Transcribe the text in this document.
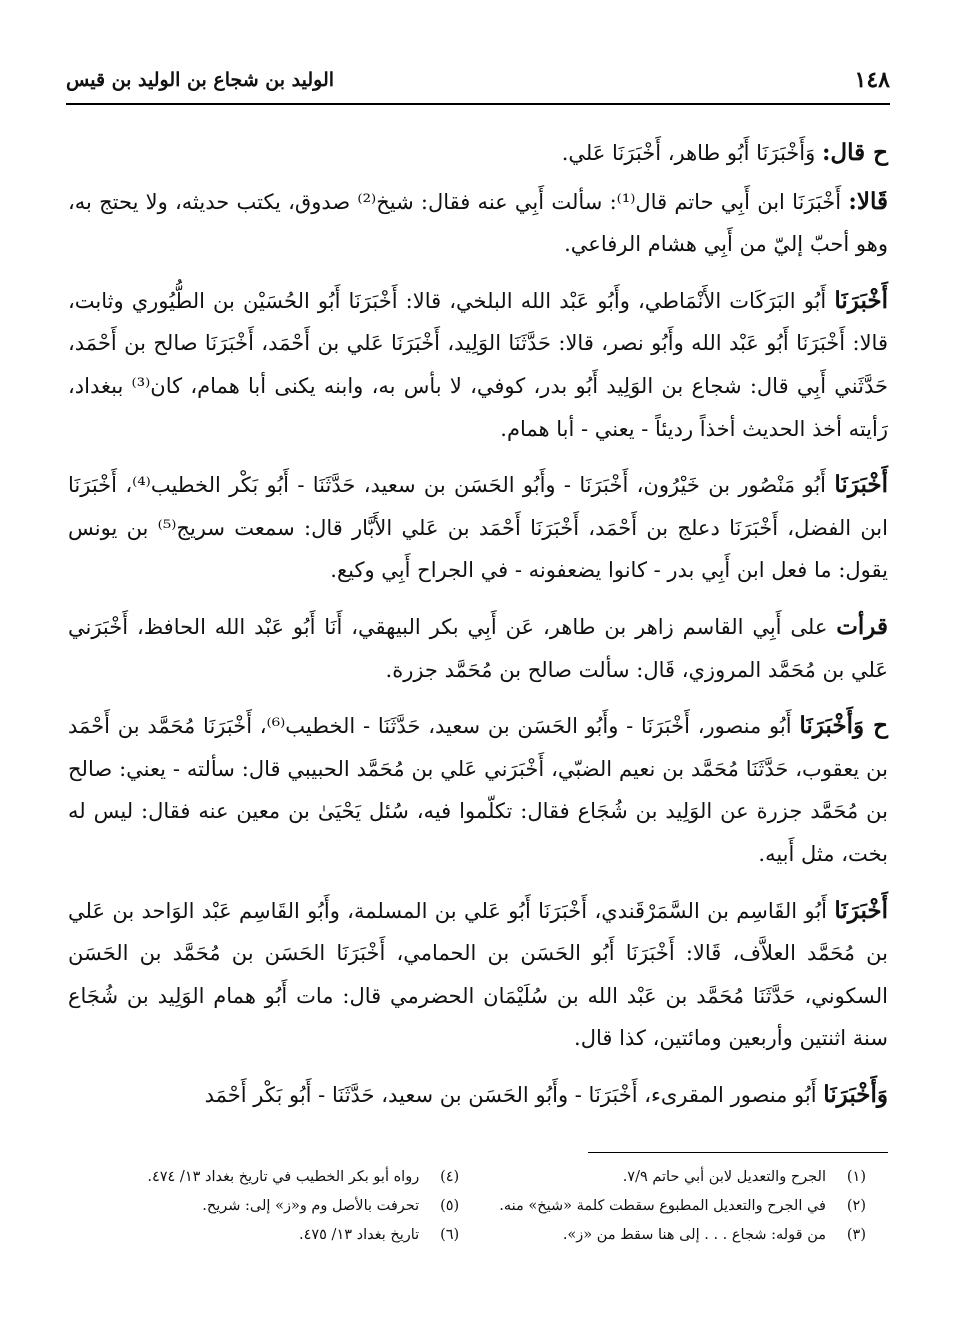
١٤٨
الوليد بن شجاع بن الوليد بن قيس

ح قال: وَأَخْبَرَنَا أَبُو طاهر، أَخْبَرَنَا عَلي.

قَالا: أَخْبَرَنَا ابن أَبِي حاتم قال⁽¹⁾: سألت أَبِي عنه فقال: شيخ⁽²⁾ صدوق، يكتب حديثه، ولا يحتج به، وهو أحبّ إليّ من أَبِي هشام الرفاعي.

أَخْبَرَنَا أَبُو البَرَكَات الأَنْمَاطي، وأَبُو عَبْد الله البلخي، قالا: أَخْبَرَنَا أَبُو الحُسَيْن بن الطُّيُوري وثابت، قالا: أَخْبَرَنَا أَبُو عَبْد الله وأَبُو نصر، قالا: حَدَّثَنَا الوَلِيد، أَخْبَرَنَا عَلي بن أَحْمَد، أَخْبَرَنَا صالح بن أَحْمَد، حَدَّثَني أَبِي قال: شجاع بن الوَلِيد أَبُو بدر، كوفي، لا بأس به، وابنه يكنى أبا همام، كان⁽³⁾ ببغداد، رَأيته أخذ الحديث أخذاً رديئاً - يعني - أبا همام.

أَخْبَرَنَا أَبُو مَنْصُور بن خَيْرُون، أَخْبَرَنَا - وأَبُو الحَسَن بن سعيد، حَدَّثَنَا - أَبُو بَكْر الخطيب⁽⁴⁾، أَخْبَرَنَا ابن الفضل، أَخْبَرَنَا دعلج بن أَحْمَد، أَخْبَرَنَا أَحْمَد بن عَلي الأَبَّار قال: سمعت سريج⁽⁵⁾ بن يونس يقول: ما فعل ابن أَبِي بدر - كانوا يضعفونه - في الجراح أَبِي وكيع.

قرأت على أَبِي القاسم زاهر بن طاهر، عَن أَبِي بكر البيهقي، أَنَا أَبُو عَبْد الله الحافظ، أَخْبَرَني عَلي بن مُحَمَّد المروزي، قَال: سألت صالح بن مُحَمَّد جزرة.

ح وَأَخْبَرَنَا أَبُو منصور، أَخْبَرَنَا - وأَبُو الحَسَن بن سعيد، حَدَّثَنَا - الخطيب⁽⁶⁾، أَخْبَرَنَا مُحَمَّد بن أَحْمَد بن يعقوب، حَدَّثَنَا مُحَمَّد بن نعيم الضبّي، أَخْبَرَني عَلي بن مُحَمَّد الحبيبي قال: سألته - يعني: صالح بن مُحَمَّد جزرة عن الوَلِيد بن شُجَاع فقال: تكلّموا فيه، سُئل يَحْيَىٰ بن معين عنه فقال: ليس له بخت، مثل أَبيه.

أَخْبَرَنَا أَبُو القَاسِم بن السَّمَرْقَندي، أَخْبَرَنَا أَبُو عَلي بن المسلمة، وأَبُو القَاسِم عَبْد الوَاحد بن عَلي بن مُحَمَّد العلاَّف، قَالا: أَخْبَرَنَا أَبُو الحَسَن بن الحمامي، أَخْبَرَنَا الحَسَن بن مُحَمَّد بن الحَسَن السكوني، حَدَّثَنَا مُحَمَّد بن عَبْد الله بن سُلَيْمَان الحضرمي قال: مات أَبُو همام الوَلِيد بن شُجَاع سنة اثنتين وأربعين ومائتين، كذا قال.

وَأَخْبَرَنَا أَبُو منصور المقرىء، أَخْبَرَنَا - وأَبُو الحَسَن بن سعيد، حَدَّثَنَا - أَبُو بَكْر أَحْمَد

(١)
الجرح والتعديل لابن أبي حاتم ٧/٩.
(٤)
رواه أبو بكر الخطيب في تاريخ بغداد ١٣/ ٤٧٤.
(٢)
في الجرح والتعديل المطبوع سقطت كلمة «شيخ» منه.
(٥)
تحرفت بالأصل وم و«ز» إلى: شريح.
(٣)
من قوله: شجاع . . . إلى هنا سقط من «ز».
(٦)
تاريخ بغداد ١٣/ ٤٧٥.
